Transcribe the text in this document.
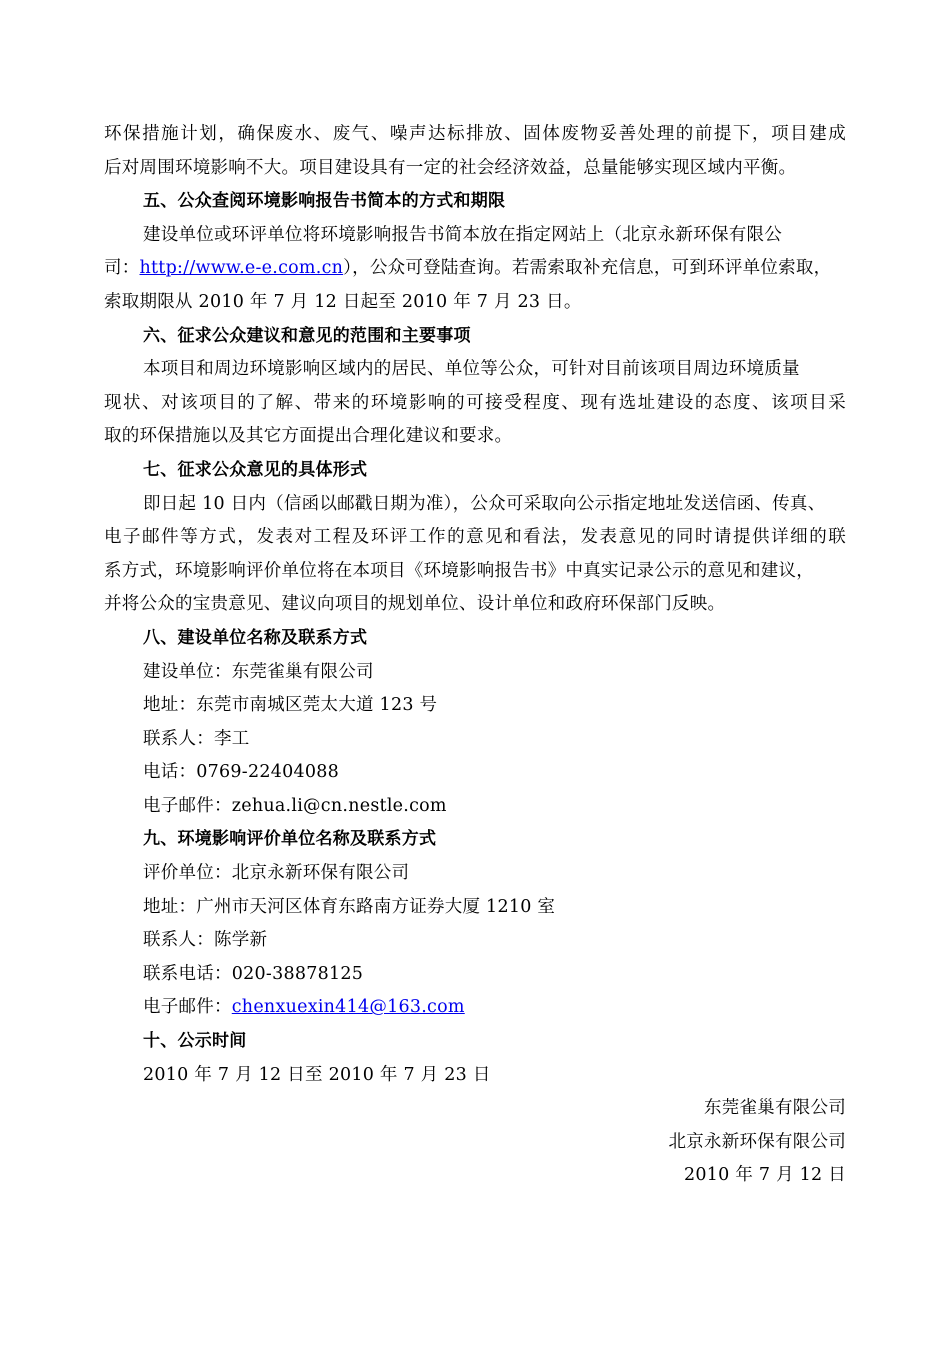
环保措施计划，确保废水、废气、噪声达标排放、固体废物妥善处理的前提下，项目建成
后对周围环境影响不大。项目建设具有一定的社会经济效益，总量能够实现区域内平衡。
五、公众查阅环境影响报告书简本的方式和期限
建设单位或环评单位将环境影响报告书简本放在指定网站上（北京永新环保有限公
司：http://www.e-e.com.cn），公众可登陆查询。若需索取补充信息，可到环评单位索取，
索取期限从 2010 年 7 月 12 日起至 2010 年 7 月 23 日。
六、征求公众建议和意见的范围和主要事项
本项目和周边环境影响区域内的居民、单位等公众，可针对目前该项目周边环境质量
现状、对该项目的了解、带来的环境影响的可接受程度、现有选址建设的态度、该项目采
取的环保措施以及其它方面提出合理化建议和要求。
七、征求公众意见的具体形式
即日起 10 日内（信函以邮戳日期为准），公众可采取向公示指定地址发送信函、传真、
电子邮件等方式，发表对工程及环评工作的意见和看法，发表意见的同时请提供详细的联
系方式，环境影响评价单位将在本项目《环境影响报告书》中真实记录公示的意见和建议，
并将公众的宝贵意见、建议向项目的规划单位、设计单位和政府环保部门反映。
八、建设单位名称及联系方式
建设单位：东莞雀巢有限公司
地址：东莞市南城区莞太大道 123 号
联系人：李工
电话：0769-22404088
电子邮件：zehua.li@cn.nestle.com
九、环境影响评价单位名称及联系方式
评价单位：北京永新环保有限公司
地址：广州市天河区体育东路南方证券大厦 1210 室
联系人：陈学新
联系电话：020-38878125
电子邮件：chenxuexin414@163.com
十、公示时间
2010 年 7 月 12 日至 2010 年 7 月 23 日
东莞雀巢有限公司
北京永新环保有限公司
2010 年 7 月 12 日
